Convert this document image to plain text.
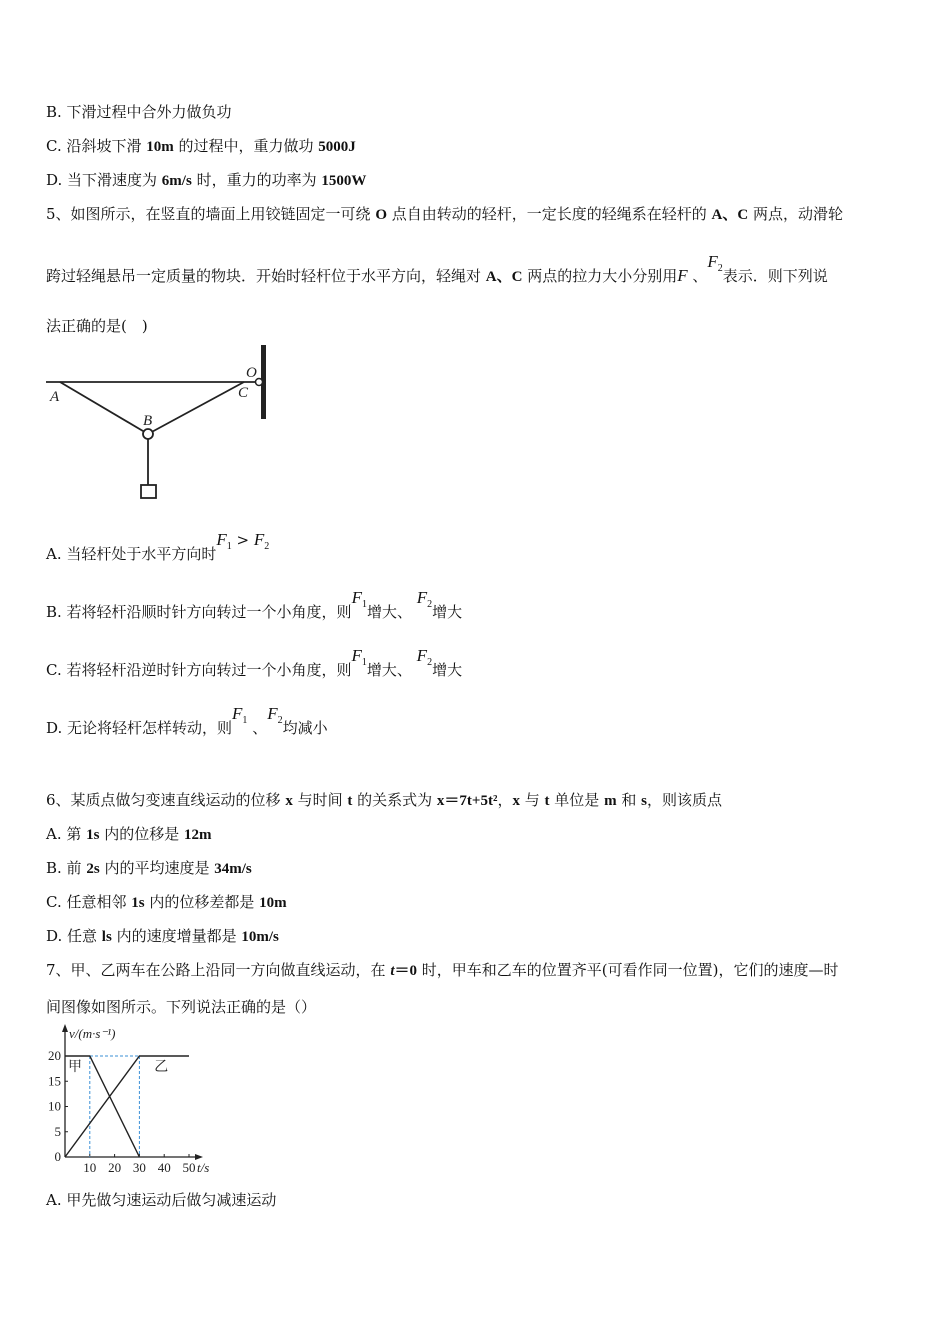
B. 下滑过程中合外力做负功
C. 沿斜坡下滑 10m 的过程中，重力做功 5000J
D. 当下滑速度为 6m/s 时，重力的功率为 1500W
5、如图所示，在竖直的墙面上用铰链固定一可绕 O 点自由转动的轻杆，一定长度的轻绳系在轻杆的 A、C 两点，动滑轮
跨过轻绳悬吊一定质量的物块．开始时轻杆位于水平方向，轻绳对 A、C 两点的拉力大小分别用F 、$F_2$表示．则下列说
法正确的是(　)
A
B
C
O
A. 当轻杆处于水平方向时$F_1 > F_2$
B. 若将轻杆沿顺时针方向转过一个小角度，则$F_1$增大、 $F_2$增大
C. 若将轻杆沿逆时针方向转过一个小角度，则$F_1$增大、 $F_2$增大
D. 无论将轻杆怎样转动，则$F_1$ 、$F_2$均减小
6、某质点做匀变速直线运动的位移 x 与时间 t 的关系式为 x＝7t+5t²，x 与 t 单位是 m 和 s，则该质点
A. 第 1s 内的位移是 12m
B. 前 2s 内的平均速度是 34m/s
C. 任意相邻 1s 内的位移差都是 10m
D. 任意 ls 内的速度增量都是 10m/s
7、甲、乙两车在公路上沿同一方向做直线运动，在 t＝0 时，甲车和乙车的位置齐平(可看作同一位置)，它们的速度—时
间图像如图所示。下列说法正确的是（）
v/(m·s⁻¹)
t/s
0
5
10
15
20
10 20 30 40 50
甲	乙
A. 甲先做匀速运动后做匀减速运动
